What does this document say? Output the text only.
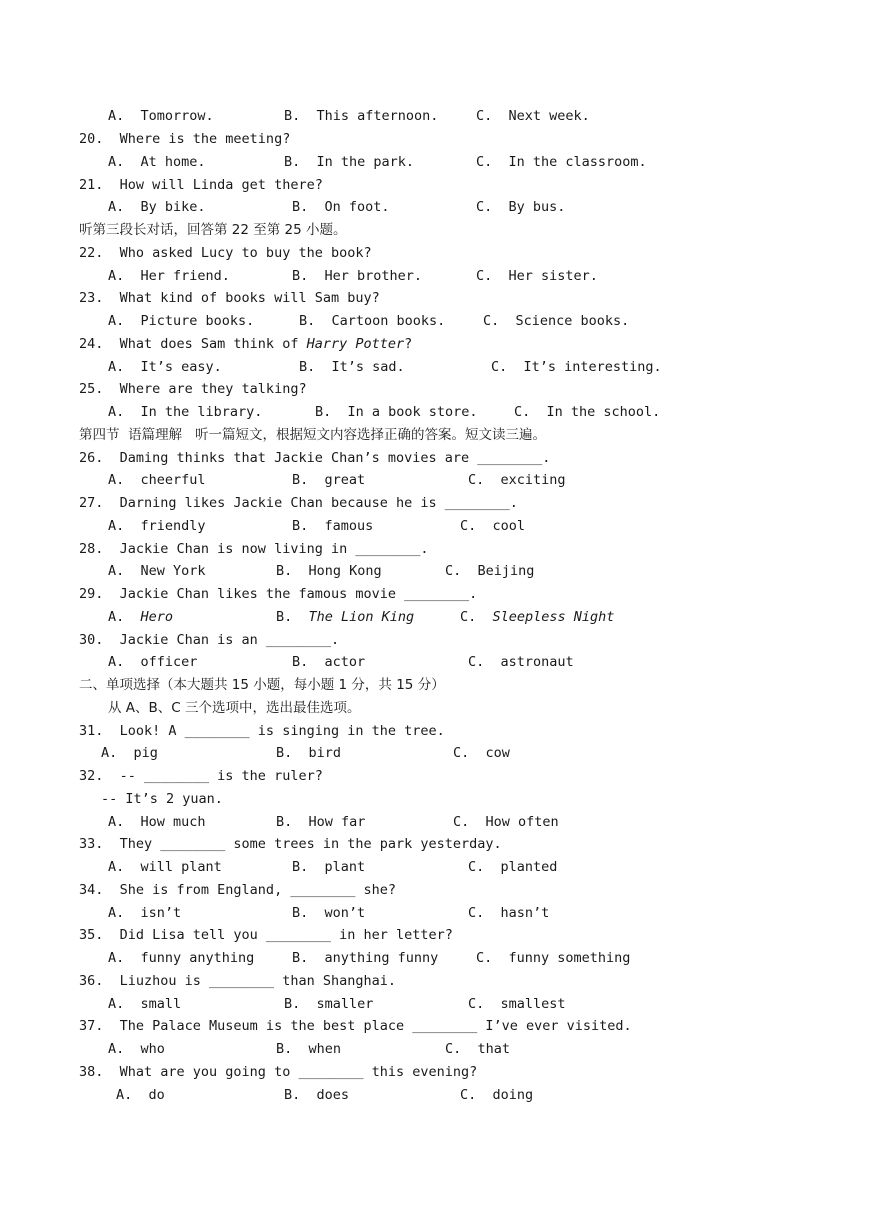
A.  Tomorrow.

	B.  This afternoon.

	C.  Next week.

20.  Where is the meeting?

A.  At home.

	B.  In the park.

	C.  In the classroom.

21.  How will Linda get there?

A.  By bike.

	B.  On foot.

	C.  By bus.

听第三段长对话，回答第 22 至第 25 小题。

22.  Who asked Lucy to buy the book?

A.  Her friend.

	B.  Her brother.

	C.  Her sister.

23.  What kind of books will Sam buy?

A.  Picture books.

	B.  Cartoon books.

	C.  Science books.

24.  What does Sam think of Harry Potter?

A.  It’s easy.

	B.  It’s sad.

	C.  It’s interesting.

25.  Where are they talking?

A.  In the library.

	B.  In a book store.

	C.  In the school.

第四节  语篇理解   听一篇短文，根据短文内容选择正确的答案。短文读三遍。

26.  Daming thinks that Jackie Chan’s movies are ________.

A.  cheerful

	B.  great

	C.  exciting

27.  Darning likes Jackie Chan because he is ________.

A.  friendly

	B.  famous

	C.  cool

28.  Jackie Chan is now living in ________.

A.  New York

	B.  Hong Kong

	C.  Beijing

29.  Jackie Chan likes the famous movie ________.

A.  Hero

	B.  The Lion King

	C.  Sleepless Night

30.  Jackie Chan is an ________.

A.  officer

	B.  actor

	C.  astronaut

二、单项选择（本大题共 15 小题，每小题 1 分，共 15 分）

从 A、B、C 三个选项中，选出最佳选项。

31.  Look! A ________ is singing in the tree.

A.  pig

	B.  bird

	C.  cow

32.  -- ________ is the ruler?

-- It’s 2 yuan.

A.  How much

	B.  How far

	C.  How often

33.  They ________ some trees in the park yesterday.

A.  will plant

	B.  plant

	C.  planted

34.  She is from England, ________ she?

A.  isn’t

	B.  won’t

	C.  hasn’t

35.  Did Lisa tell you ________ in her letter?

A.  funny anything

	B.  anything funny

	C.  funny something

36.  Liuzhou is ________ than Shanghai.

A.  small

	B.  smaller

	C.  smallest

37.  The Palace Museum is the best place ________ I’ve ever visited.

A.  who

	B.  when

	C.  that

38.  What are you going to ________ this evening?

A.  do

	B.  does

	C.  doing
